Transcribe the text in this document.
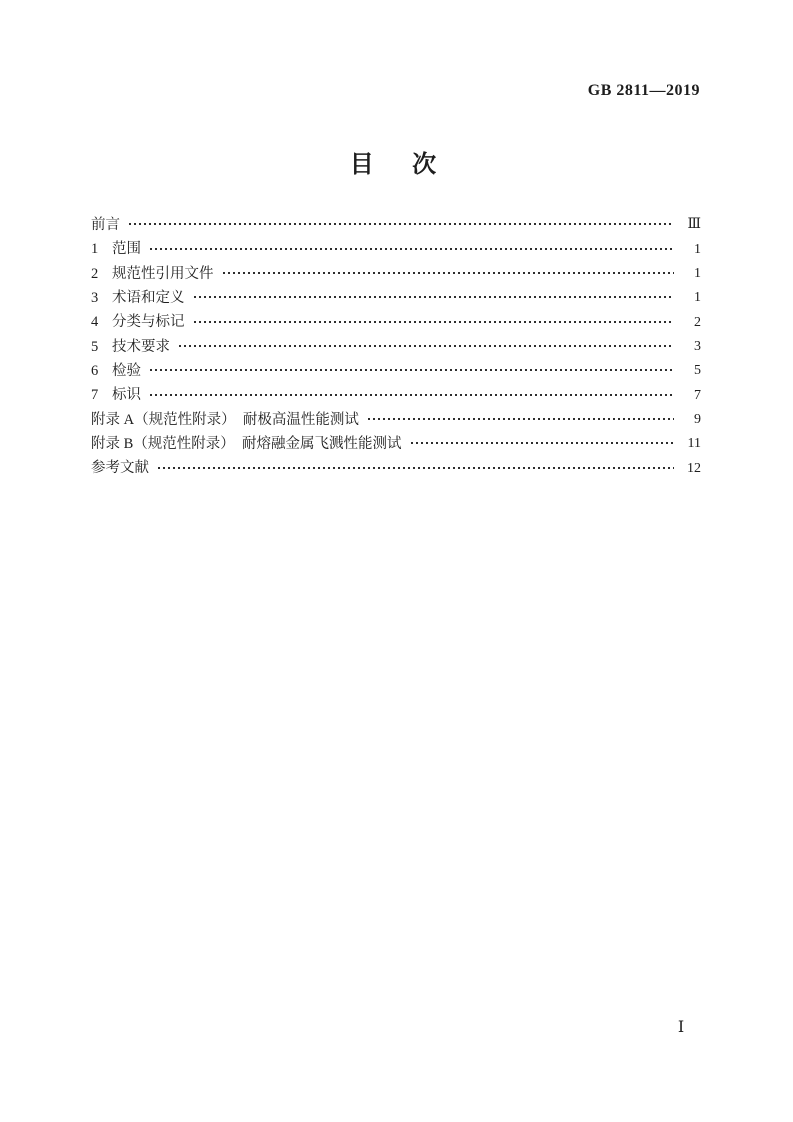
GB 2811—2019
目　次
前言	Ⅲ
1 范围	1
2 规范性引用文件	1
3 术语和定义	1
4 分类与标记	2
5 技术要求	3
6 检验	5
7 标识	7
附录 A（规范性附录）　耐极高温性能测试	9
附录 B（规范性附录）　耐熔融金属飞溅性能测试	11
参考文献	12
Ⅰ
